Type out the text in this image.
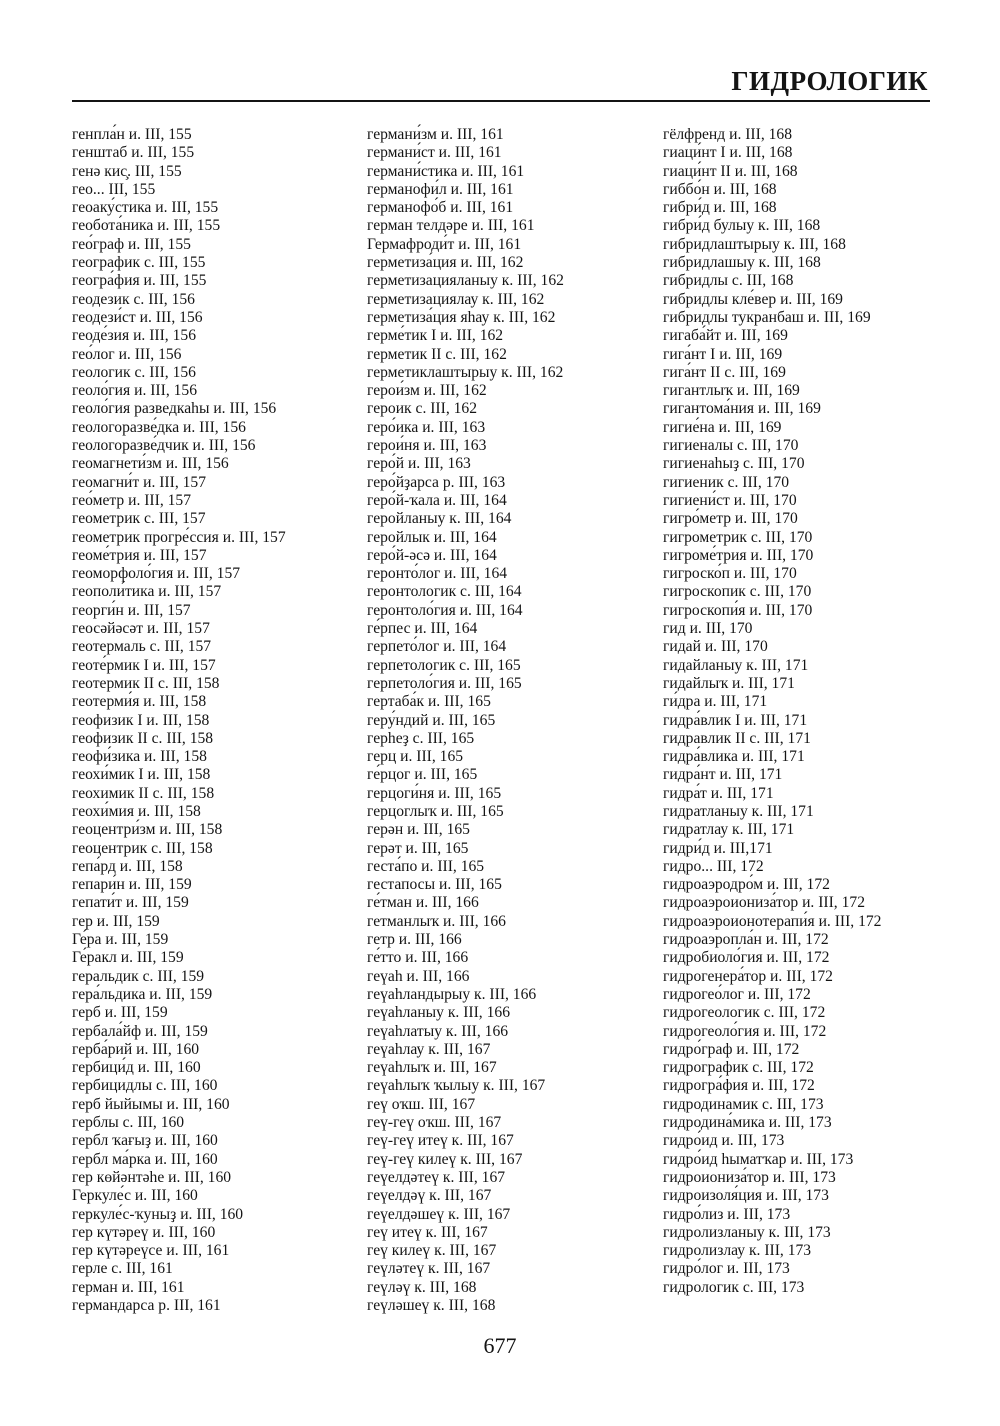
ГИДРОЛОГИК
генпла́н и. III, 155
генштаб и. III, 155
генә кис̧. III, 155
гео... III, 155
геоаку́стика и. III, 155
геобота́ника и. III, 155
гео́граф и. III, 155
географик с. III, 155
геогра́фия и. III, 155
геодезик с. III, 156
геодези́ст и. III, 156
геоде́зия и. III, 156
гео́лог и. III, 156
геологик с. III, 156
геоло́гия и. III, 156
геоло́гия разведкаһы и. III, 156
геологоразве́дка и. III, 156
геологоразве́дчик и. III, 156
геомагнети́зм и. III, 156
геомагни́т и. III, 157
гео́метр и. III, 157
геометрик с. III, 157
геометрик прогре́ссия и. III, 157
геоме́трия и. III, 157
геоморфоло́гия и. III, 157
геополи́тика и. III, 157
георги́н и. III, 157
геосәйәсәт и. III, 157
геотермаль с. III, 157
геоте́рмик I и. III, 157
геотермик II с. III, 158
геотерми́я и. III, 158
геофизик I и. III, 158
геофизик II с. III, 158
геофи́зика и. III, 158
геохи́мик I и. III, 158
геохимик II с. III, 158
геохи́мия и. III, 158
геоцентри́зм и. III, 158
геоцентрик с. III, 158
гепа́рд и. III, 158
гепари́н и. III, 159
гепати́т и. III, 159
гер и. III, 159
Ге́ра и. III, 159
Ге́ракл и. III, 159
геральдик с. III, 159
гера́льдика и. III, 159
герб и. III, 159
гербала́йф и. III, 159
герба́рий и. III, 160
гербици́д и. III, 160
гербицидлы с. III, 160
герб йыйымы и. III, 160
герблы с. III, 160
гербл ҡағыҙ и. III, 160
гербл ма́рка и. III, 160
гер көйәнтәһе и. III, 160
Геркуле́с и. III, 160
геркуле́с-ҡуныҙ и. III, 160
гер күтәреү и. III, 160
гер күтәреүсе и. III, 161
герле с. III, 161
герман и. III, 161
германдарса р. III, 161
германи́зм и. III, 161
германи́ст и. III, 161
германи́стика и. III, 161
германофи́л и. III, 161
германофо́б и. III, 161
герман телдәре и. III, 161
Гермафроди́т и. III, 161
герметиза́ция и. III, 162
герметизацияланыу к. III, 162
герметизациялау к. III, 162
герметиза́ция яһау к. III, 162
герме́тик I и. III, 162
герметик II с. III, 162
герметиклаштырыу к. III, 162
герои́зм и. III, 162
героик с. III, 162
геро́ика и. III, 163
герои́ня и. III, 163
геро́й и. III, 163
геро́йҙарса р. III, 163
геро́й-ҡала и. III, 164
геройланыу к. III, 164
геройлык и. III, 164
геро́й-әсә и. III, 164
геронто́лог и. III, 164
геронтологик с. III, 164
геронтоло́гия и. III, 164
ге́рпес и. III, 164
герпето́лог и. III, 164
герпетологик с. III, 165
герпетоло́гия и. III, 165
гертаба́к и. III, 165
геру́ндий и. III, 165
герһеҙ с. III, 165
герц и. III, 165
ге́рцог и. III, 165
герцоги́ня и. III, 165
герцоглыҡ и. III, 165
герән и. III, 165
герәт и. III, 165
геста́по и. III, 165
гестапосы и. III, 165
ге́тман и. III, 166
гетманлыҡ и. III, 166
гетр и. III, 166
ге́тто и. III, 166
геүаһ и. III, 166
геүаһландырыу к. III, 166
геүаһланыу к. III, 166
геүаһлатыу к. III, 166
геүаһлау к. III, 167
геүаһлыҡ и. III, 167
геүаһлыҡ ҡылыу к. III, 167
геү оҡш. III, 167
геү-геү оҡш. III, 167
геү-геү итеү к. III, 167
геү-геү килеү к. III, 167
геүелдәтеү к. III, 167
геүелдәү к. III, 167
геүелдәшеү к. III, 167
геү итеү к. III, 167
геү килеү к. III, 167
геүләтеү к. III, 167
геүләү к. III, 168
геүләшеү к. III, 168
гёлфренд и. III, 168
гиаци́нт I и. III, 168
гиаци́нт II и. III, 168
гиббо́н и. III, 168
гибри́д и. III, 168
гибри́д булыу к. III, 168
гибридлаштырыу к. III, 168
гибридлашыу к. III, 168
гибридлы с. III, 168
гибридлы кле́вер и. III, 169
гибридлы тукранбаш и. III, 169
гигаба́йт и. III, 169
гига́нт I и. III, 169
гига́нт II с. III, 169
гигантлыҡ и. III, 169
гигантома́ния и. III, 169
гигие́на и. III, 169
гигиеналы с. III, 170
гигиенаһыҙ с. III, 170
гигиеник с. III, 170
гигиени́ст и. III, 170
гигро́метр и. III, 170
гигрометрик с. III, 170
гигроме́трия и. III, 170
гигроско́п и. III, 170
гигроскопик с. III, 170
гигроскопи́я и. III, 170
гид и. III, 170
гидай и. III, 170
гидайланыу к. III, 171
гидайлыҡ и. III, 171
ги́дра и. III, 171
гидра́влик I и. III, 171
гидравлик II с. III, 171
гидра́влика и. III, 171
гидра́нт и. III, 171
гидра́т и. III, 171
гидратланыу к. III, 171
гидратлау к. III, 171
гидри́д и. III,171
гидро... III, 172
гидроаэродро́м и. III, 172
гидроаэроиониза́тор и. III, 172
гидроаэроионотерапи́я и. III, 172
гидроаэропла́н и. III, 172
гидробиоло́гия и. III, 172
гидрогенера́тор и. III, 172
гидрогео́лог и. III, 172
гидрогеологик с. III, 172
гидрогеоло́гия и. III, 172
гидро́граф и. III, 172
гидрографик с. III, 172
гидрогра́фия и. III, 172
гидродинамик с. III, 173
гидродина́мика и. III, 173
гидро́ид и. III, 173
гидро́ид һыматҡар и. III, 173
гидроиониза́тор и. III, 173
гидроизоля́ция и. III, 173
гидро́лиз и. III, 173
гидролизланыу к. III, 173
гидролизлау к. III, 173
гидро́лог и. III, 173
гидрологик с. III, 173
677
